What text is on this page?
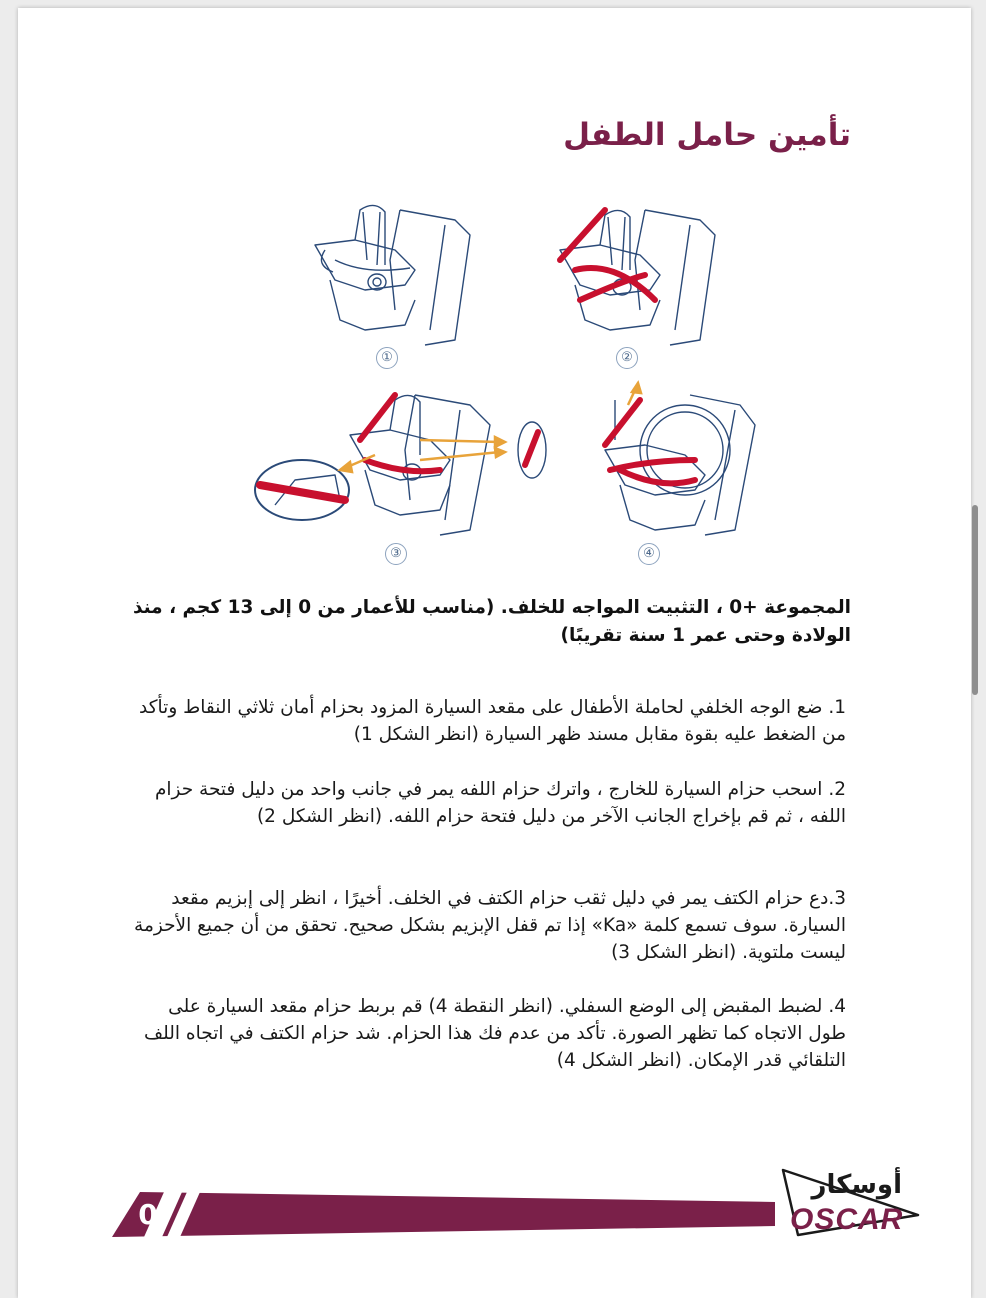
تأمين حامل الطفل
①	②
③	④
المجموعة +0 ، التثبيت المواجه للخلف. (مناسب للأعمار من 0 إلى 13 كجم ، منذ الولادة وحتى عمر 1 سنة تقريبًا)
1. ضع الوجه الخلفي لحاملة الأطفال على مقعد السيارة المزود بحزام أمان ثلاثي النقاط وتأكد من الضغط عليه بقوة مقابل مسند ظهر السيارة (انظر الشكل 1)
2. اسحب حزام السيارة للخارج ، واترك حزام اللفه يمر في جانب واحد من دليل فتحة حزام اللفه ، ثم قم بإخراج الجانب الآخر من دليل فتحة حزام اللفه. (انظر الشكل 2)
3.دع حزام الكتف يمر في دليل ثقب حزام الكتف في الخلف. أخيرًا ، انظر إلى إبزيم مقعد السيارة. سوف تسمع كلمة «Ka» إذا تم قفل الإبزيم بشكل صحيح. تحقق من أن جميع الأحزمة ليست ملتوية. (انظر الشكل 3)
4. لضبط المقبض إلى الوضع السفلي. (انظر النقطة 4) قم بربط حزام مقعد السيارة على طول الاتجاه كما تظهر الصورة. تأكد من عدم فك هذا الحزام. شد حزام الكتف في اتجاه اللف التلقائي قدر الإمكان. (انظر الشكل 4)
0
أوسكار
OSCAR
